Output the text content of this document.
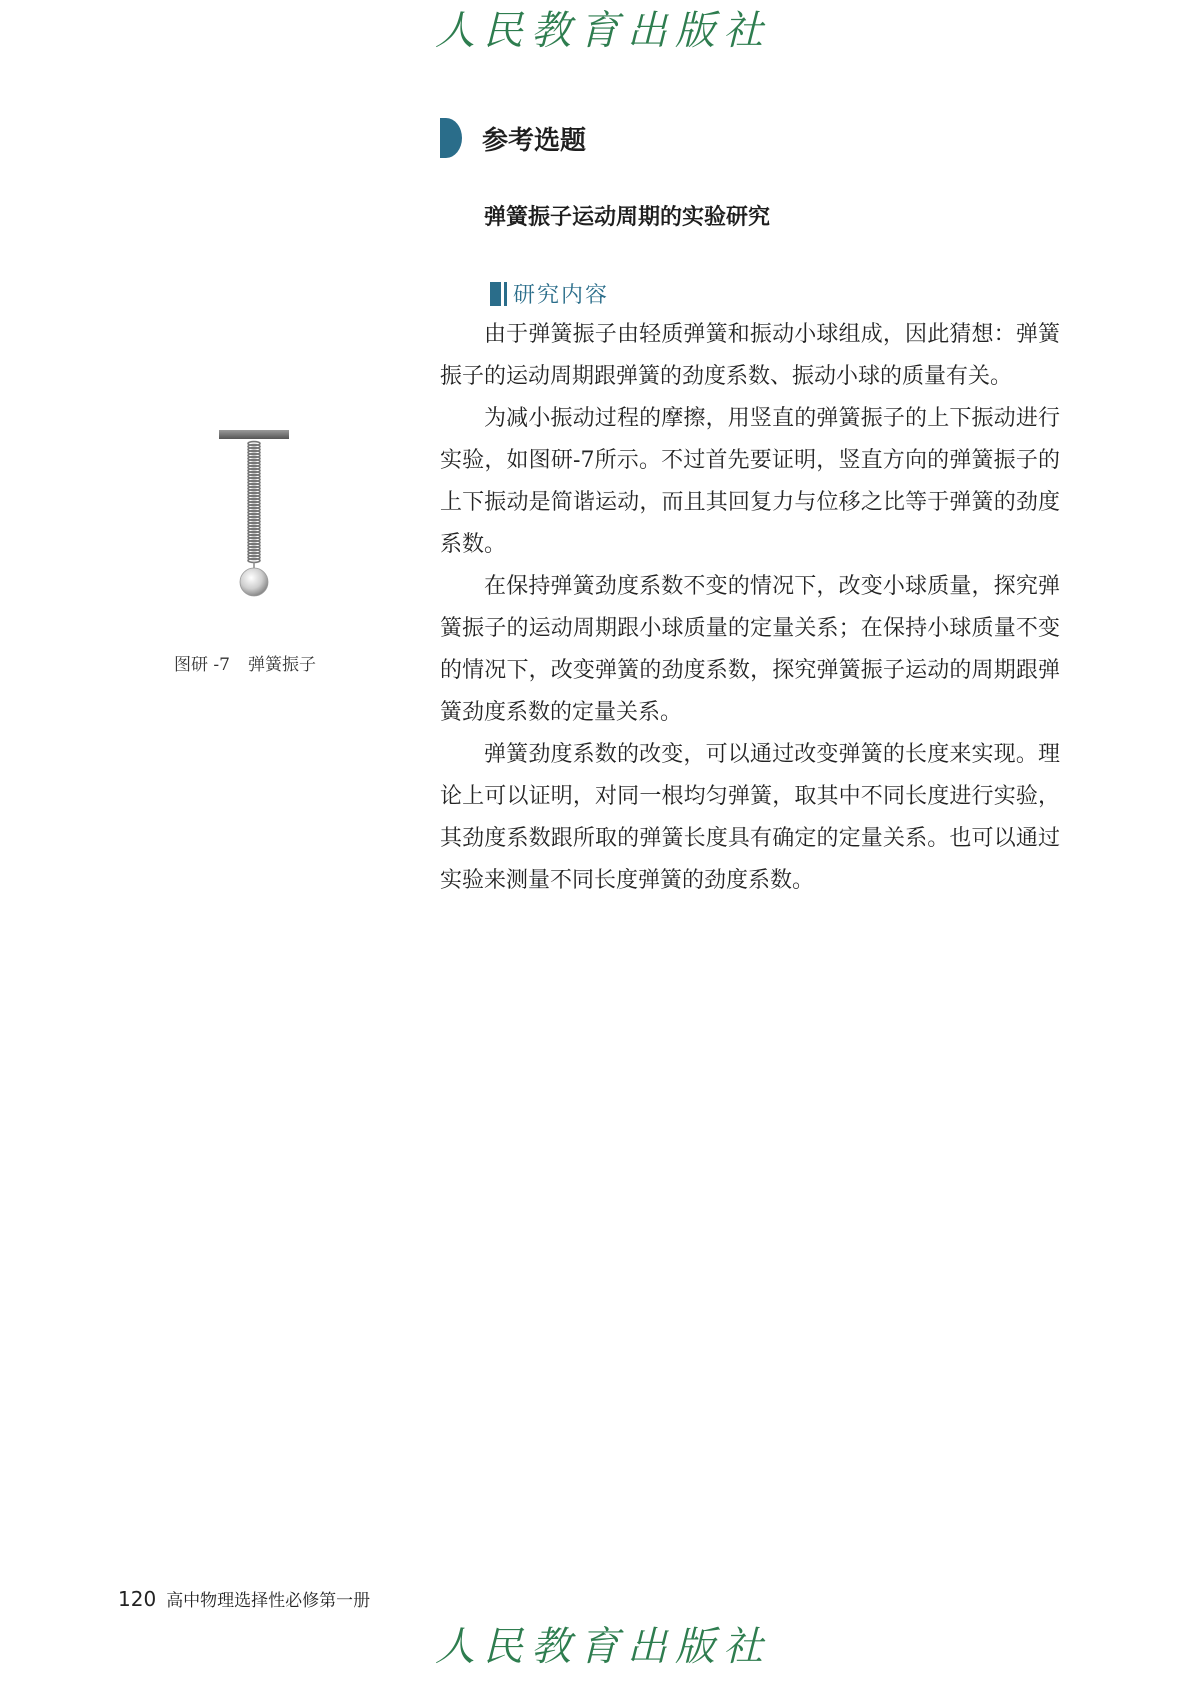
人民教育出版社
参考选题
弹簧振子运动周期的实验研究
研究内容

由于弹簧振子由轻质弹簧和振动小球组成，因此猜想：弹簧振子的运动周期跟弹簧的劲度系数、振动小球的质量有关。

为减小振动过程的摩擦，用竖直的弹簧振子的上下振动进行实验，如图研-7所示。不过首先要证明，竖直方向的弹簧振子的上下振动是简谐运动，而且其回复力与位移之比等于弹簧的劲度系数。

在保持弹簧劲度系数不变的情况下，改变小球质量，探究弹簧振子的运动周期跟小球质量的定量关系；在保持小球质量不变的情况下，改变弹簧的劲度系数，探究弹簧振子运动的周期跟弹簧劲度系数的定量关系。

弹簧劲度系数的改变，可以通过改变弹簧的长度来实现。理论上可以证明，对同一根均匀弹簧，取其中不同长度进行实验，其劲度系数跟所取的弹簧长度具有确定的定量关系。也可以通过实验来测量不同长度弹簧的劲度系数。

图研 -7 弹簧振子
120 高中物理选择性必修第一册
人民教育出版社
